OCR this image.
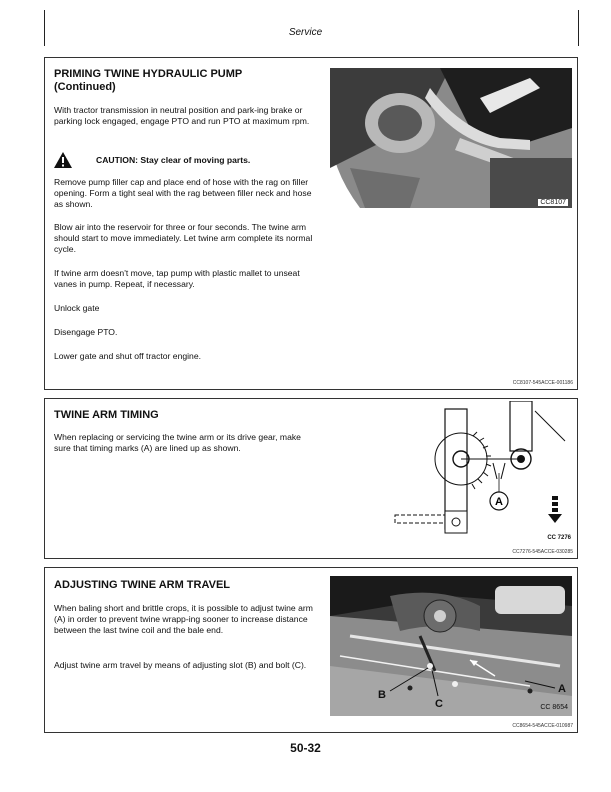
Service
PRIMING TWINE HYDRAULIC PUMP
(Continued)

With tractor transmission in neutral position and park-ing brake or parking lock engaged, engage PTO and run PTO at maximum rpm.

CAUTION: Stay clear of moving parts.

Remove pump filler cap and place end of hose with the rag on filler opening. Form a tight seal with the rag between filler neck and hose as shown.

Blow air into the reservoir for three or four seconds. The twine arm should start to move immediately. Let twine arm complete its normal cycle.

If twine arm doesn't move, tap pump with plastic mallet to unseat vanes in pump. Repeat, if necessary.

Unlock gate

Disengage PTO.

Lower gate and shut off tractor engine.

CC8107
CC8107-545ACCE-001186
TWINE ARM TIMING

When replacing or servicing the twine arm or its drive gear, make sure that timing marks (A) are lined up as shown.

A
CC 7276
CC7276-545ACCE-030285
ADJUSTING TWINE ARM TRAVEL

When baling short and brittle crops, it is possible to adjust twine arm (A) in order to prevent twine wrapp-ing sooner to increase distance between the last twine coil and the bale end.

Adjust twine arm travel by means of adjusting slot (B) and bolt (C).

A
B
C	CC 8654
CC8654-545ACCE-010987
50-32
